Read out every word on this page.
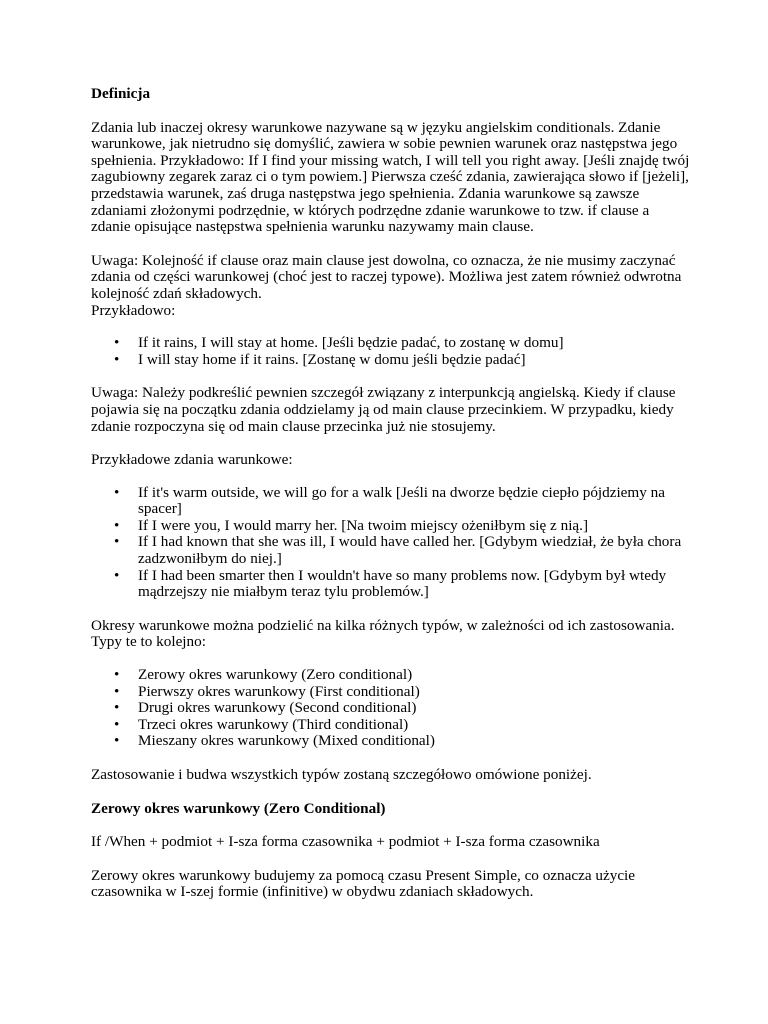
Definicja

Zdania lub inaczej okresy warunkowe nazywane są w języku angielskim conditionals. Zdanie warunkowe, jak nietrudno się domyślić, zawiera w sobie pewnien warunek oraz następstwa jego spełnienia. Przykładowo: If I find your missing watch, I will tell you right away. [Jeśli znajdę twój zagubiowny zegarek zaraz ci o tym powiem.] Pierwsza cześć zdania, zawierająca słowo if [jeżeli], przedstawia warunek, zaś druga następstwa jego spełnienia. Zdania warunkowe są zawsze zdaniami złożonymi podrzędnie, w których podrzędne zdanie warunkowe to tzw. if clause a zdanie opisujące następstwa spełnienia warunku nazywamy main clause.

Uwaga: Kolejność if clause oraz main clause jest dowolna, co oznacza, że nie musimy zaczynać zdania od części warunkowej (choć jest to raczej typowe). Możliwa jest zatem również odwrotna kolejność zdań składowych.

Przykładowo:

• If it rains, I will stay at home. [Jeśli będzie padać, to zostanę w domu]
• I will stay home if it rains. [Zostanę w domu jeśli będzie padać]

Uwaga: Należy podkreślić pewnien szczegół związany z interpunkcją angielską. Kiedy if clause pojawia się na początku zdania oddzielamy ją od main clause przecinkiem. W przypadku, kiedy zdanie rozpoczyna się od main clause przecinka już nie stosujemy.

Przykładowe zdania warunkowe:

• If it's warm outside, we will go for a walk [Jeśli na dworze będzie ciepło pójdziemy na spacer]
• If I were you, I would marry her. [Na twoim miejscy ożeniłbym się z nią.]
• If I had known that she was ill, I would have called her. [Gdybym wiedział, że była chora zadzwoniłbym do niej.]
• If I had been smarter then I wouldn't have so many problems now. [Gdybym był wtedy mądrzejszy nie miałbym teraz tylu problemów.]

Okresy warunkowe można podzielić na kilka różnych typów, w zależności od ich zastosowania. Typy te to kolejno:

• Zerowy okres warunkowy (Zero conditional)
• Pierwszy okres warunkowy (First conditional)
• Drugi okres warunkowy (Second conditional)
• Trzeci okres warunkowy (Third conditional)
• Mieszany okres warunkowy (Mixed conditional)

Zastosowanie i budwa wszystkich typów zostaną szczegółowo omówione poniżej.

Zerowy okres warunkowy (Zero Conditional)

If /When + podmiot + I-sza forma czasownika + podmiot + I-sza forma czasownika

Zerowy okres warunkowy budujemy za pomocą czasu Present Simple, co oznacza użycie czasownika w I-szej formie (infinitive) w obydwu zdaniach składowych.
